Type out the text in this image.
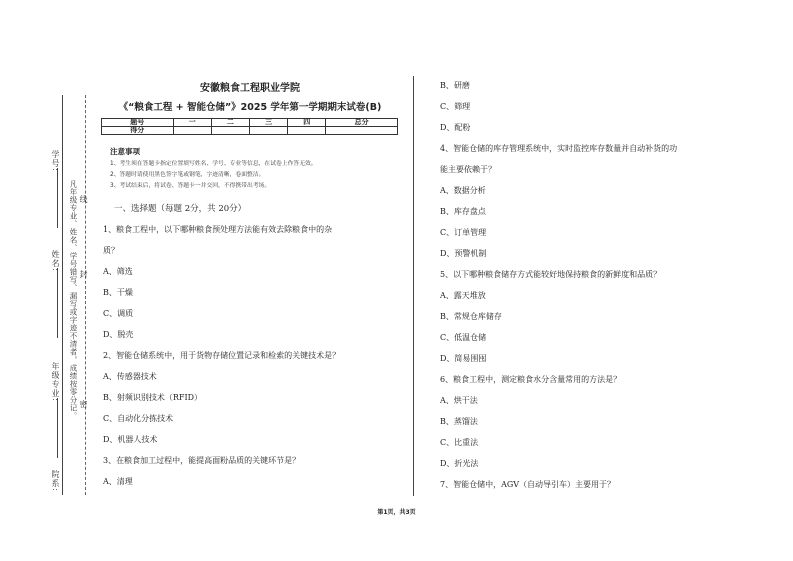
学号:
姓名:
年级专业:
院系:
凡年级专业、姓名、学号错写、漏写或字迹不清者，成绩按零分记。 封
线
密
安徽粮食工程职业学院
《“粮食工程 + 智能仓储”》2025 学年第一学期期末试卷(B)
题号	一	二	三	四	总分
得分					
注意事项
1、考生须在答题卡指定位置填写姓名、学号、专业等信息，在试卷上作答无效。
2、答题时请使用黑色签字笔或钢笔，字迹清晰，卷面整洁。
3、考试结束后，将试卷、答题卡一并交回，不得携带出考场。
一、选择题（每题 2分，共 20分）
1、粮食工程中，以下哪种粮食预处理方法能有效去除粮食中的杂
质？
A、筛选
B、干燥
C、调质
D、脱壳
2、智能仓储系统中，用于货物存储位置记录和检索的关键技术是？
A、传感器技术
B、射频识别技术（RFID）
C、自动化分拣技术
D、机器人技术
3、在粮食加工过程中，能提高面粉品质的关键环节是？
A、清理
B、研磨
C、筛理
D、配粉
4、智能仓储的库存管理系统中，实时监控库存数量并自动补货的功
能主要依赖于？
A、数据分析
B、库存盘点
C、订单管理
D、预警机制
5、以下哪种粮食储存方式能较好地保持粮食的新鲜度和品质？
A、露天堆放
B、常规仓库储存
C、低温仓储
D、简易围囤
6、粮食工程中，测定粮食水分含量常用的方法是？
A、烘干法
B、蒸馏法
C、比重法
D、折光法
7、智能仓储中，AGV（自动导引车）主要用于？
第1页，共3页
